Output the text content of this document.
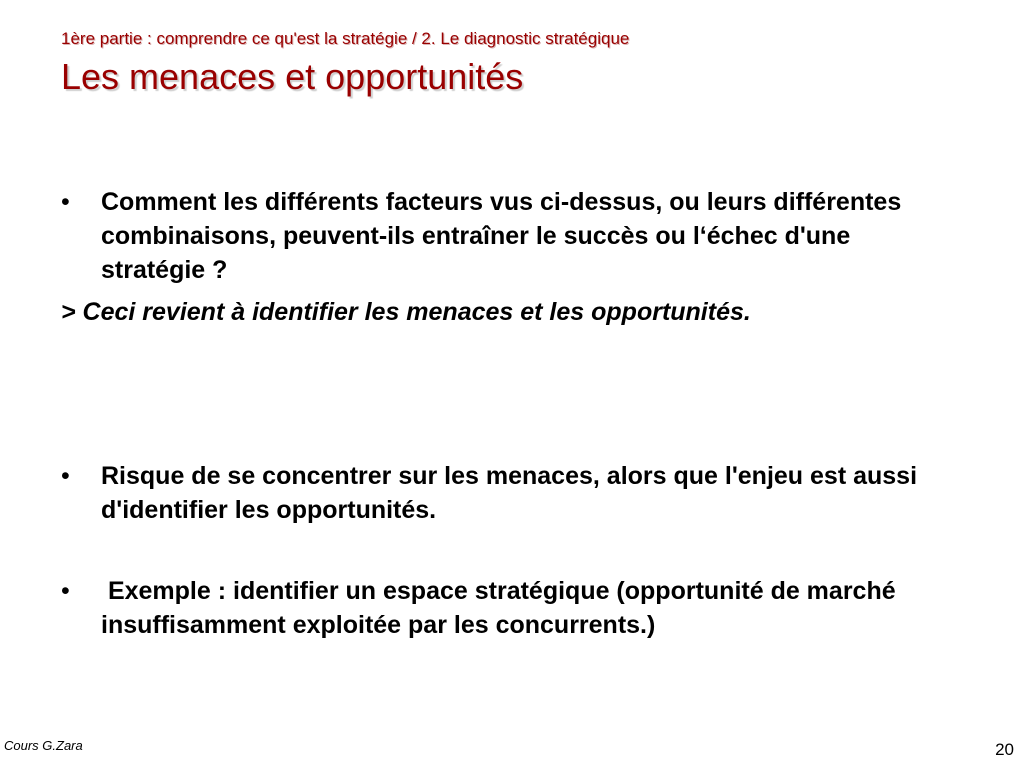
1ère partie : comprendre ce qu'est la stratégie / 2. Le diagnostic stratégique
Les menaces et opportunités
•	Comment les différents facteurs vus ci-dessus, ou leurs différentes combinaisons, peuvent-ils entraîner le succès ou l‘échec d'une stratégie ?
> Ceci revient à identifier les menaces et les opportunités.
•	Risque de se concentrer sur les menaces, alors que l'enjeu est aussi d'identifier les opportunités.
•	Exemple : identifier un espace stratégique (opportunité de marché insuffisamment exploitée par les concurrents.)
Cours G.Zara	20
